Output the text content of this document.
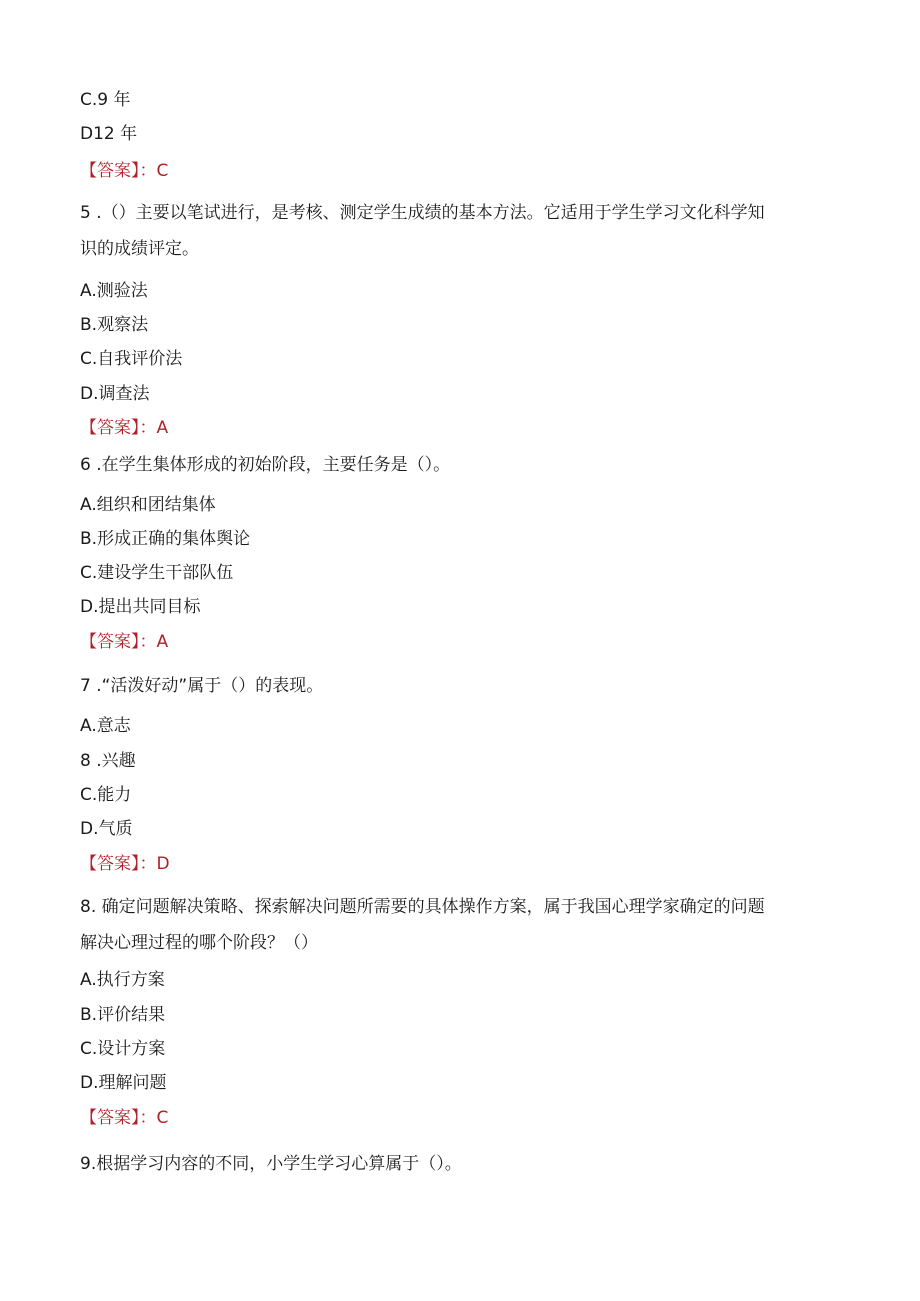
C.9 年
D12 年
【答案】：C
5 .（）主要以笔试进行，是考核、测定学生成绩的基本方法。它适用于学生学习文化科学知
识的成绩评定。
A.测验法
B.观察法
C.自我评价法
D.调查法
【答案】：A
6 .在学生集体形成的初始阶段，主要任务是（）。
A.组织和团结集体
B.形成正确的集体舆论
C.建设学生干部队伍
D.提出共同目标
【答案】：A
7 .“活泼好动”属于（）的表现。
A.意志
8 .兴趣
C.能力
D.气质
【答案】：D
8. 确定问题解决策略、探索解决问题所需要的具体操作方案，属于我国心理学家确定的问题
解决心理过程的哪个阶段？（）
A.执行方案
B.评价结果
C.设计方案
D.理解问题
【答案】：C
9.根据学习内容的不同，小学生学习心算属于（）。
